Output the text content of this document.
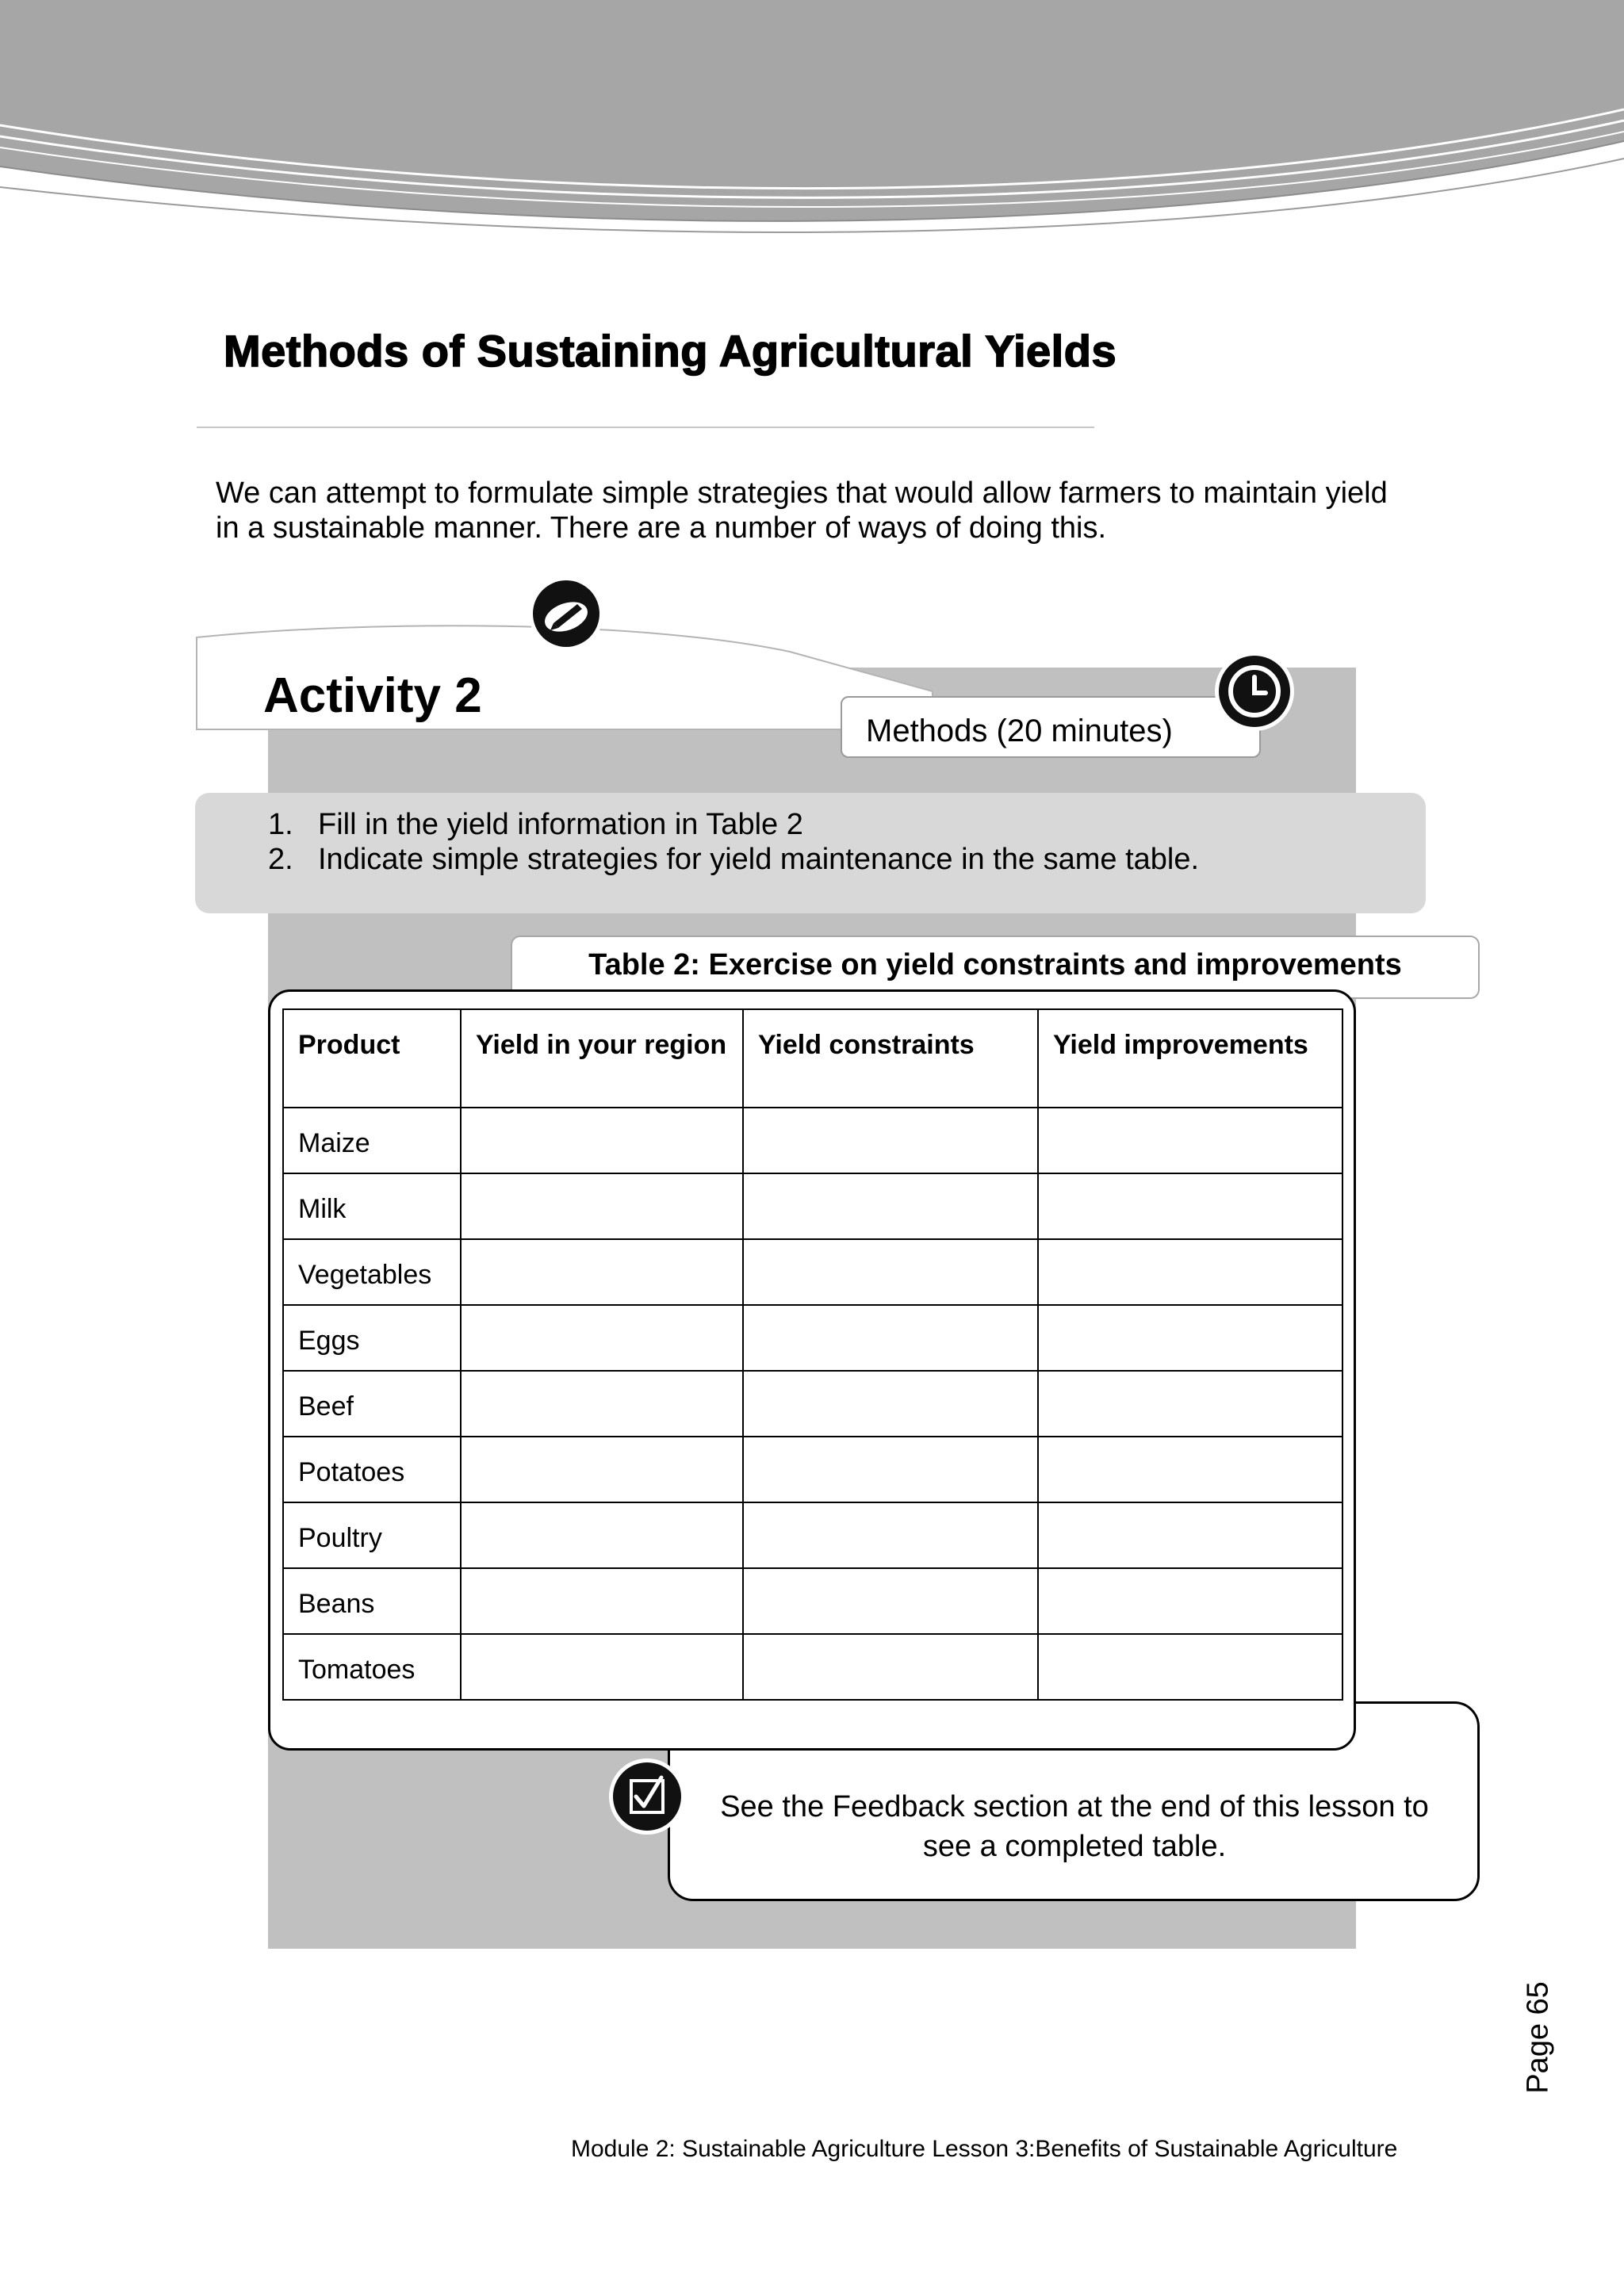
Methods of Sustaining Agricultural Yields
We can attempt to formulate simple strategies that would allow farmers to maintain yield
in a sustainable manner. There are a number of ways of doing this.
Activity 2
Methods (20 minutes)
1. Fill in the yield information in Table 2
2. Indicate simple strategies for yield maintenance in the same table.
Table 2: Exercise on yield constraints and improvements
Product	Yield in your region	Yield constraints	Yield improvements
Maize			
Milk			
Vegetables			
Eggs			
Beef			
Potatoes			
Poultry			
Beans			
Tomatoes			
See the Feedback section at the end of this lesson to
see a completed table.
Page 65
Module 2: Sustainable Agriculture Lesson 3:Benefits of Sustainable Agriculture
